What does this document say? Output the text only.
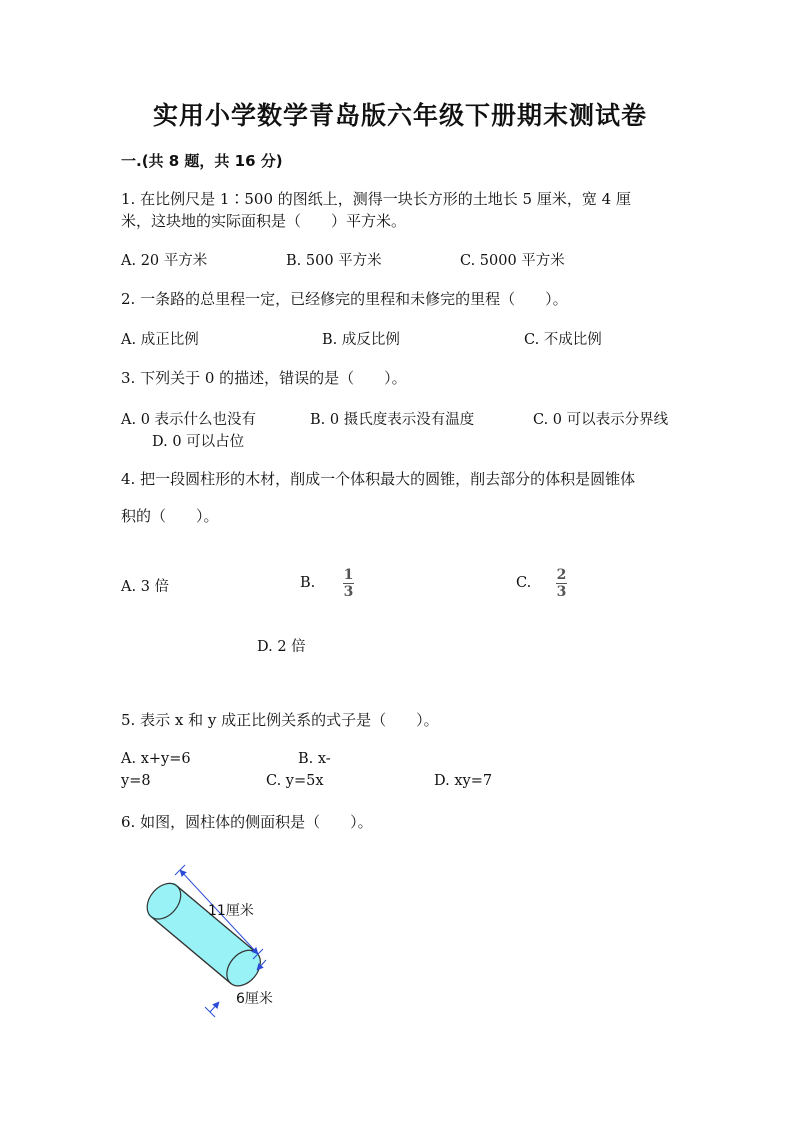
实用小学数学青岛版六年级下册期末测试卷
一.(共 8 题，共 16 分)
1. 在比例尺是 1∶500 的图纸上，测得一块长方形的土地长 5 厘米，宽 4 厘
米，这块地的实际面积是（　　）平方米。
A. 20 平方米	B. 500 平方米	C. 5000 平方米
2. 一条路的总里程一定，已经修完的里程和未修完的里程（　　）。
A. 成正比例	B. 成反比例	C. 不成比例
3. 下列关于 0 的描述，错误的是（　　）。
A. 0 表示什么也没有	B. 0 摄氏度表示没有温度	C. 0 可以表示分界线
D. 0 可以占位
4. 把一段圆柱形的木材，削成一个体积最大的圆锥，削去部分的体积是圆锥体
积的（　　）。
A. 3 倍	B. 1
3
C. 2
3
D. 2 倍
5. 表示 x 和 y 成正比例关系的式子是（　　）。
A. x+y=6	B. x-
y=8	C. y=5x	D. xy=7
6. 如图，圆柱体的侧面积是（　　）。
11厘米
6厘米
